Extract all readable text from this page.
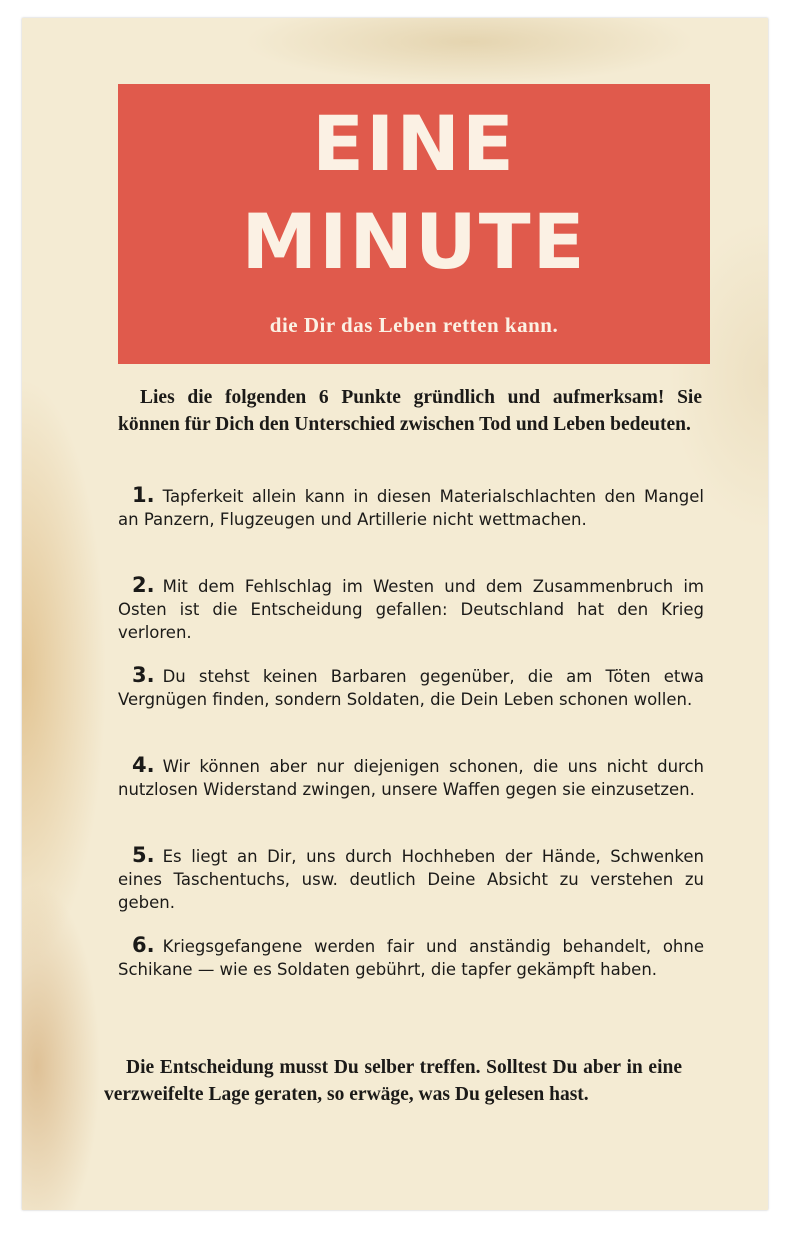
EINE
MINUTE
die Dir das Leben retten kann.
Lies die folgenden 6 Punkte gründlich und aufmerksam! Sie können für Dich den Unterschied zwischen Tod und Leben bedeuten.
1. Tapferkeit allein kann in diesen Materialschlachten den Mangel an Panzern, Flugzeugen und Artillerie nicht wettmachen.
2. Mit dem Fehlschlag im Westen und dem Zusammenbruch im Osten ist die Entscheidung gefallen: Deutschland hat den Krieg verloren.
3. Du stehst keinen Barbaren gegenüber, die am Töten etwa Vergnügen finden, sondern Soldaten, die Dein Leben schonen wollen.
4. Wir können aber nur diejenigen schonen, die uns nicht durch nutzlosen Widerstand zwingen, unsere Waffen gegen sie einzusetzen.
5. Es liegt an Dir, uns durch Hochheben der Hände, Schwenken eines Taschentuchs, usw. deutlich Deine Absicht zu verstehen zu geben.
6. Kriegsgefangene werden fair und anständig behandelt, ohne Schikane — wie es Soldaten gebührt, die tapfer gekämpft haben.
Die Entscheidung musst Du selber treffen. Solltest Du aber in eine verzweifelte Lage geraten, so erwäge, was Du gelesen hast.
